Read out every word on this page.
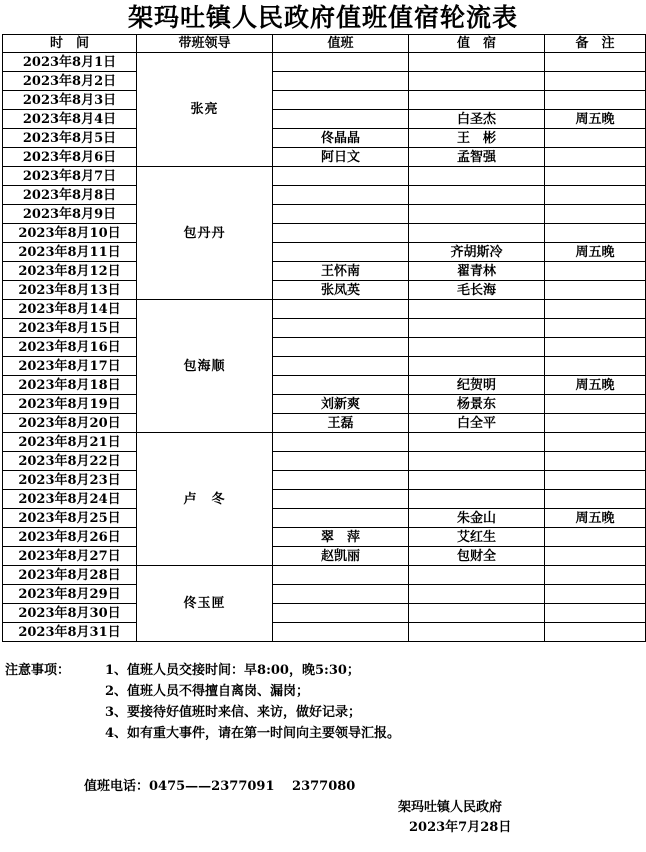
架玛吐镇人民政府值班值宿轮流表
时　间	带班领导	值班	值　宿	备　注
2023年8月1日	张亮			
2023年8月2日				
2023年8月3日				
2023年8月4日			白圣杰	周五晚
2023年8月5日		佟晶晶	王　彬	
2023年8月6日		阿日文	孟智强	
2023年8月7日	包丹丹			
2023年8月8日				
2023年8月9日				
2023年8月10日				
2023年8月11日			齐胡斯冷	周五晚
2023年8月12日		王怀南	翟青林	
2023年8月13日		张凤英	毛长海	
2023年8月14日	包海顺			
2023年8月15日				
2023年8月16日				
2023年8月17日				
2023年8月18日			纪贺明	周五晚
2023年8月19日		刘新爽	杨景东	
2023年8月20日		王磊	白全平	
2023年8月21日	卢　冬			
2023年8月22日				
2023年8月23日				
2023年8月24日				
2023年8月25日			朱金山	周五晚
2023年8月26日		翠　萍	艾红生	
2023年8月27日		赵凯丽	包财全	
2023年8月28日	佟玉匣			
2023年8月29日				
2023年8月30日				
2023年8月31日				
注意事项：	1、值班人员交接时间：早8:00，晚5:30；
2、值班人员不得擅自离岗、漏岗；
3、要接待好值班时来信、来访，做好记录；
4、如有重大事件，请在第一时间向主要领导汇报。
值班电话：0475——2377091　 2377080
架玛吐镇人民政府
2023年7月28日
